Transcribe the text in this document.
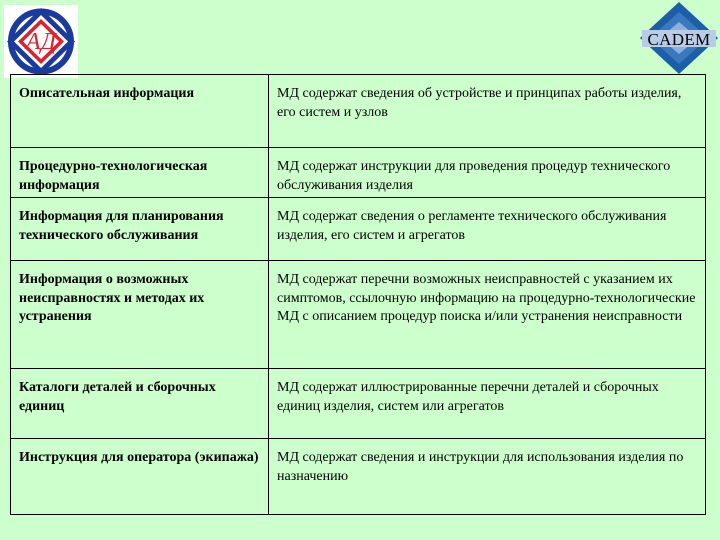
АД	CADEM
Описательная информация	МД содержат сведения об устройстве и принципах работы изделия, его систем и узлов
Процедурно-технологическая информация	МД содержат инструкции для проведения процедур технического обслуживания изделия
Информация для планирования технического обслуживания	МД содержат сведения о регламенте технического обслуживания изделия, его систем и агрегатов
Информация о возможных неисправностях и методах их устранения	МД содержат перечни возможных неисправностей с указанием их симптомов, ссылочную информацию на процедурно-технологические МД с описанием процедур поиска и/или устранения неисправности
Каталоги деталей и сборочных единиц	МД содержат иллюстрированные перечни деталей и сборочных единиц изделия, систем или агрегатов
Инструкция для оператора (экипажа)	МД содержат сведения и инструкции для использования изделия по назначению
